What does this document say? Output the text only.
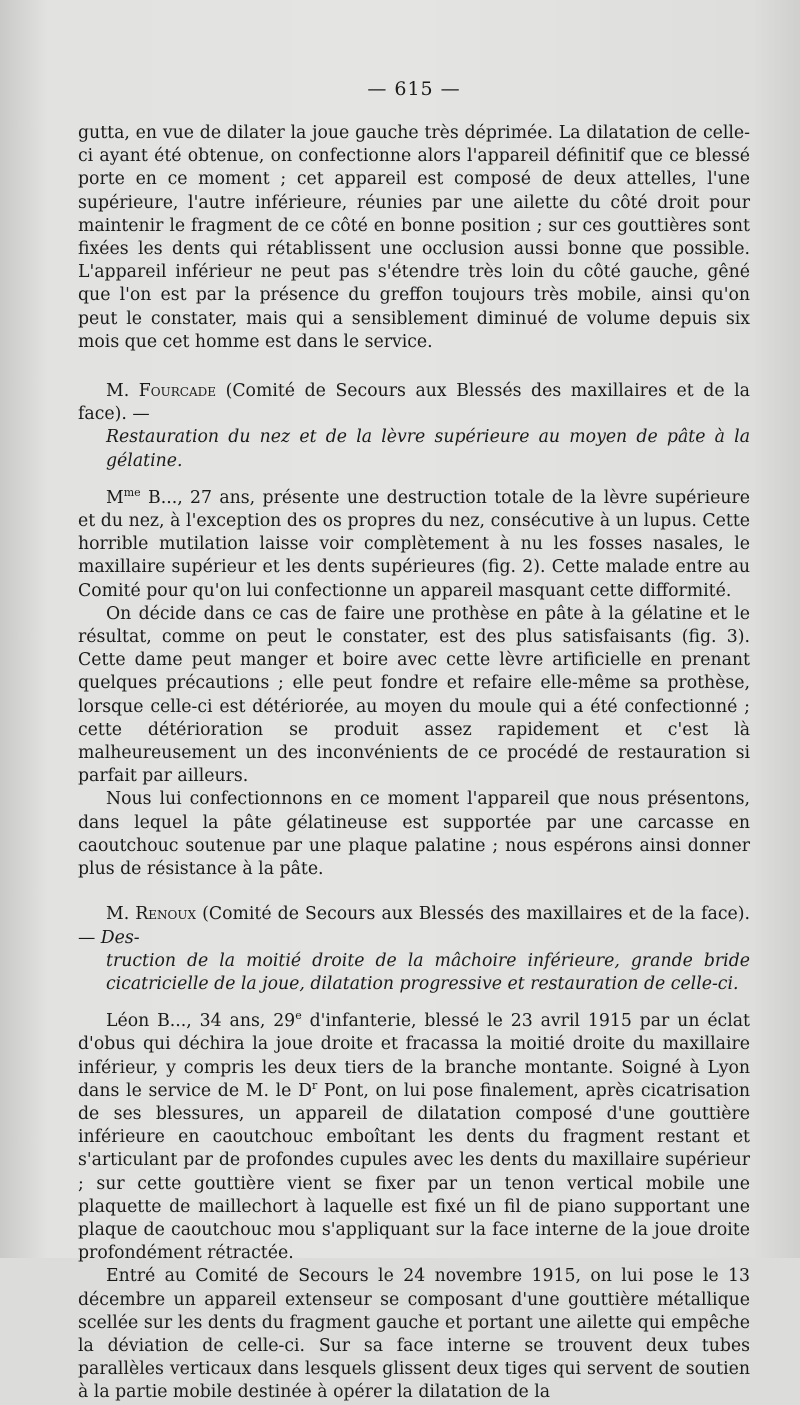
— 615 —

gutta, en vue de dilater la joue gauche très déprimée. La dilatation de celle-ci ayant été obtenue, on confectionne alors l'appareil définitif que ce blessé porte en ce moment ; cet appareil est composé de deux attelles, l'une supérieure, l'autre inférieure, réunies par une ailette du côté droit pour maintenir le fragment de ce côté en bonne position ; sur ces gouttières sont fixées les dents qui rétablissent une occlusion aussi bonne que possible. L'appareil inférieur ne peut pas s'étendre très loin du côté gauche, gêné que l'on est par la présence du greffon toujours très mobile, ainsi qu'on peut le constater, mais qui a sensiblement diminué de volume depuis six mois que cet homme est dans le service.

M. Fourcade (Comité de Secours aux Blessés des maxillaires et de la face). —

Restauration du nez et de la lèvre supérieure au moyen de pâte à la gélatine.

$M^{me}$ B..., 27 ans, présente une destruction totale de la lèvre supérieure et du nez, à l'exception des os propres du nez, consécutive à un lupus. Cette horrible mutilation laisse voir complètement à nu les fosses nasales, le maxillaire supérieur et les dents supérieures (fig. 2). Cette malade entre au Comité pour qu'on lui confectionne un appareil masquant cette difformité.

On décide dans ce cas de faire une prothèse en pâte à la gélatine et le résultat, comme on peut le constater, est des plus satisfaisants (fig. 3). Cette dame peut manger et boire avec cette lèvre artificielle en prenant quelques précautions ; elle peut fondre et refaire elle-même sa prothèse, lorsque celle-ci est détériorée, au moyen du moule qui a été confectionné ; cette détérioration se produit assez rapidement et c'est là malheureusement un des inconvénients de ce procédé de restauration si parfait par ailleurs.

Nous lui confectionnons en ce moment l'appareil que nous présentons, dans lequel la pâte gélatineuse est supportée par une carcasse en caoutchouc soutenue par une plaque palatine ; nous espérons ainsi donner plus de résistance à la pâte.

M. Renoux (Comité de Secours aux Blessés des maxillaires et de la face). — Des-

truction de la moitié droite de la mâchoire inférieure, grande bride cicatricielle de la joue, dilatation progressive et restauration de celle-ci.

Léon B..., 34 ans, 29e d'infanterie, blessé le 23 avril 1915 par un éclat d'obus qui déchira la joue droite et fracassa la moitié droite du maxillaire inférieur, y compris les deux tiers de la branche montante. Soigné à Lyon dans le service de M. le $D^r$ Pont, on lui pose finalement, après cicatrisation de ses blessures, un appareil de dilatation composé d'une gouttière inférieure en caoutchouc emboîtant les dents du fragment restant et s'articulant par de profondes cupules avec les dents du maxillaire supérieur ; sur cette gouttière vient se fixer par un tenon vertical mobile une plaquette de maillechort à laquelle est fixé un fil de piano supportant une plaque de caoutchouc mou s'appliquant sur la face interne de la joue droite profondément rétractée.

Entré au Comité de Secours le 24 novembre 1915, on lui pose le 13 décembre un appareil extenseur se composant d'une gouttière métallique scellée sur les dents du fragment gauche et portant une ailette qui empêche la déviation de celle-ci. Sur sa face interne se trouvent deux tubes parallèles verticaux dans lesquels glissent deux tiges qui servent de soutien à la partie mobile destinée à opérer la dilatation de la
